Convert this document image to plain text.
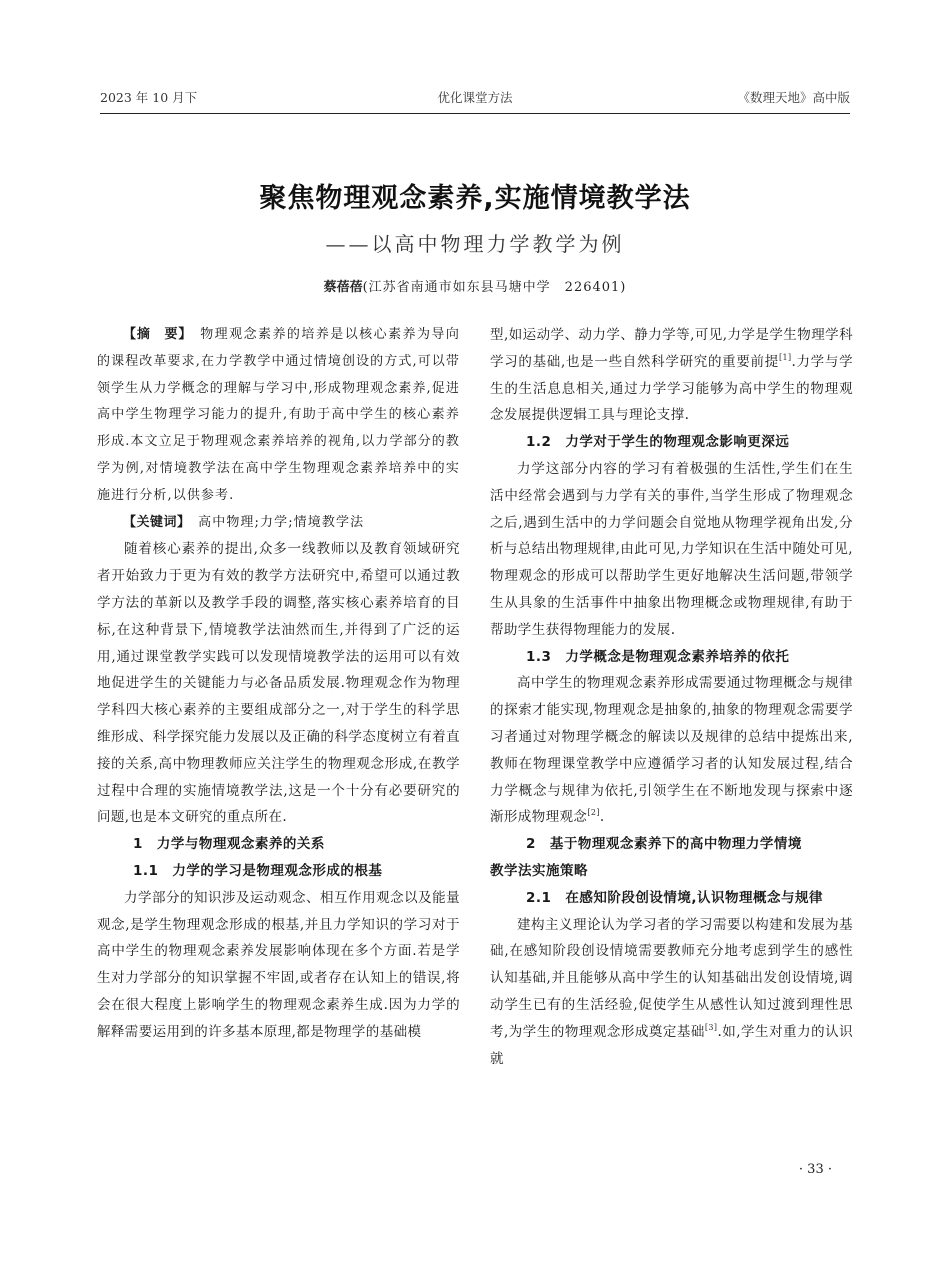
2023 年 10 月下	优化课堂方法	《数理天地》高中版
聚焦物理观念素养,实施情境教学法
——以高中物理力学教学为例
蔡蓓蓓(江苏省南通市如东县马塘中学　226401)

【摘　要】　物理观念素养的培养是以核心素养为导向的课程改革要求,在力学教学中通过情境创设的方式,可以带领学生从力学概念的理解与学习中,形成物理观念素养,促进高中学生物理学习能力的提升,有助于高中学生的核心素养形成.本文立足于物理观念素养培养的视角,以力学部分的教学为例,对情境教学法在高中学生物理观念素养培养中的实施进行分析,以供参考.

【关键词】　高中物理;力学;情境教学法

随着核心素养的提出,众多一线教师以及教育领域研究者开始致力于更为有效的教学方法研究中,希望可以通过教学方法的革新以及教学手段的调整,落实核心素养培育的目标,在这种背景下,情境教学法油然而生,并得到了广泛的运用,通过课堂教学实践可以发现情境教学法的运用可以有效地促进学生的关键能力与必备品质发展.物理观念作为物理学科四大核心素养的主要组成部分之一,对于学生的科学思维形成、科学探究能力发展以及正确的科学态度树立有着直接的关系,高中物理教师应关注学生的物理观念形成,在教学过程中合理的实施情境教学法,这是一个十分有必要研究的问题,也是本文研究的重点所在.

1 力学与物理观念素养的关系
1.1 力学的学习是物理观念形成的根基

力学部分的知识涉及运动观念、相互作用观念以及能量观念,是学生物理观念形成的根基,并且力学知识的学习对于高中学生的物理观念素养发展影响体现在多个方面.若是学生对力学部分的知识掌握不牢固,或者存在认知上的错误,将会在很大程度上影响学生的物理观念素养生成.因为力学的解释需要运用到的许多基本原理,都是物理学的基础模

型,如运动学、动力学、静力学等,可见,力学是学生物理学科学习的基础,也是一些自然科学研究的重要前提[1].力学与学生的生活息息相关,通过力学学习能够为高中学生的物理观念发展提供逻辑工具与理论支撑.

1.2 力学对于学生的物理观念影响更深远

力学这部分内容的学习有着极强的生活性,学生们在生活中经常会遇到与力学有关的事件,当学生形成了物理观念之后,遇到生活中的力学问题会自觉地从物理学视角出发,分析与总结出物理规律,由此可见,力学知识在生活中随处可见,物理观念的形成可以帮助学生更好地解决生活问题,带领学生从具象的生活事件中抽象出物理概念或物理规律,有助于帮助学生获得物理能力的发展.

1.3 力学概念是物理观念素养培养的依托

高中学生的物理观念素养形成需要通过物理概念与规律的探索才能实现,物理观念是抽象的,抽象的物理观念需要学习者通过对物理学概念的解读以及规律的总结中提炼出来,教师在物理课堂教学中应遵循学习者的认知发展过程,结合力学概念与规律为依托,引领学生在不断地发现与探索中逐渐形成物理观念[2].

2 基于物理观念素养下的高中物理力学情境
教学法实施策略
2.1 在感知阶段创设情境,认识物理概念与规律

建构主义理论认为学习者的学习需要以构建和发展为基础,在感知阶段创设情境需要教师充分地考虑到学生的感性认知基础,并且能够从高中学生的认知基础出发创设情境,调动学生已有的生活经验,促使学生从感性认知过渡到理性思考,为学生的物理观念形成奠定基础[3].如,学生对重力的认识就

· 33 ·
